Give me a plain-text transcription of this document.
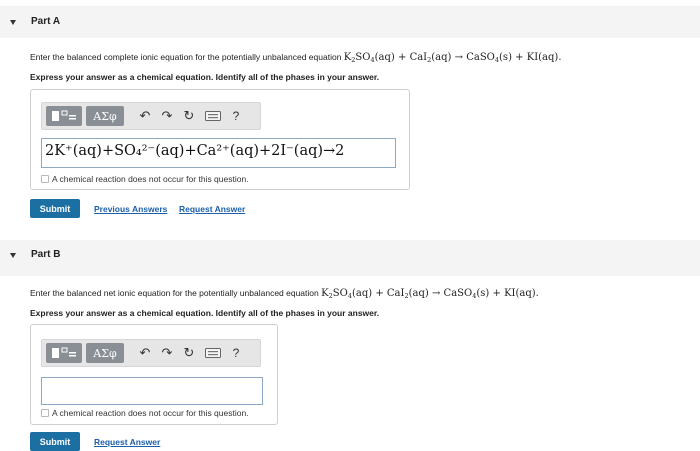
Part A
Enter the balanced complete ionic equation for the potentially unbalanced equation $K_2SO_4(aq) + CaI_2(aq)$ → CaSO$_4$(s) + KI(aq).
Express your answer as a chemical equation. Identify all of the phases in your answer.
ΑΣφ	↶ ↷ ↻	?
2K⁺(aq)+SO₄²⁻(aq)+Ca²⁺(aq)+2I⁻(aq)→2
A chemical reaction does not occur for this question.
Submit	Previous Answers Request Answer
Part B
Enter the balanced net ionic equation for the potentially unbalanced equation $K_2SO_4(aq) + CaI_2(aq)$ → CaSO$_4$(s) + KI(aq).
Express your answer as a chemical equation. Identify all of the phases in your answer.
ΑΣφ	↶ ↷ ↻	?
A chemical reaction does not occur for this question.
Submit	Request Answer
